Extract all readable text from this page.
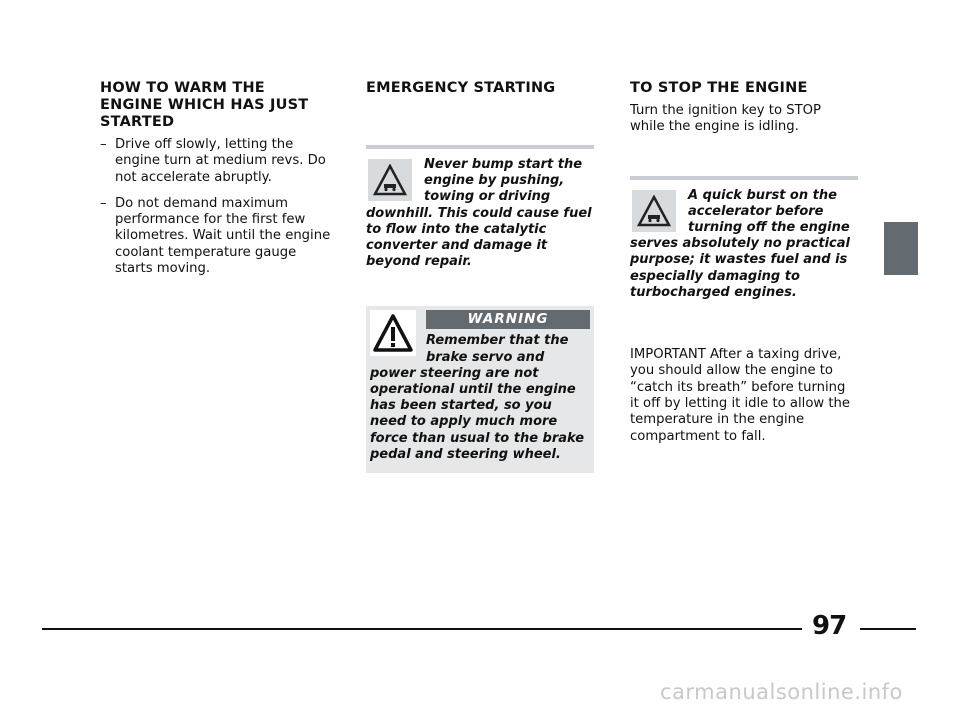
HOW TO WARM THE ENGINE WHICH HAS JUST STARTED
– Drive off slowly, letting the engine turn at medium revs. Do not accelerate abruptly.
– Do not demand maximum performance for the first few kilometres. Wait until the engine coolant temperature gauge starts moving.
EMERGENCY STARTING
Never bump start the engine by pushing, towing or driving downhill. This could cause fuel to flow into the catalytic converter and damage it beyond repair.
WARNING
Remember that the brake servo and power steering are not operational until the engine has been started, so you need to apply much more force than usual to the brake pedal and steering wheel.
TO STOP THE ENGINE
Turn the ignition key to STOP while the engine is idling.
A quick burst on the accelerator before turning off the engine serves absolutely no practical purpose; it wastes fuel and is especially damaging to turbocharged engines.
IMPORTANT After a taxing drive, you should allow the engine to “catch its breath” before turning it off by letting it idle to allow the temperature in the engine compartment to fall.
97
carmanualsonline.info
